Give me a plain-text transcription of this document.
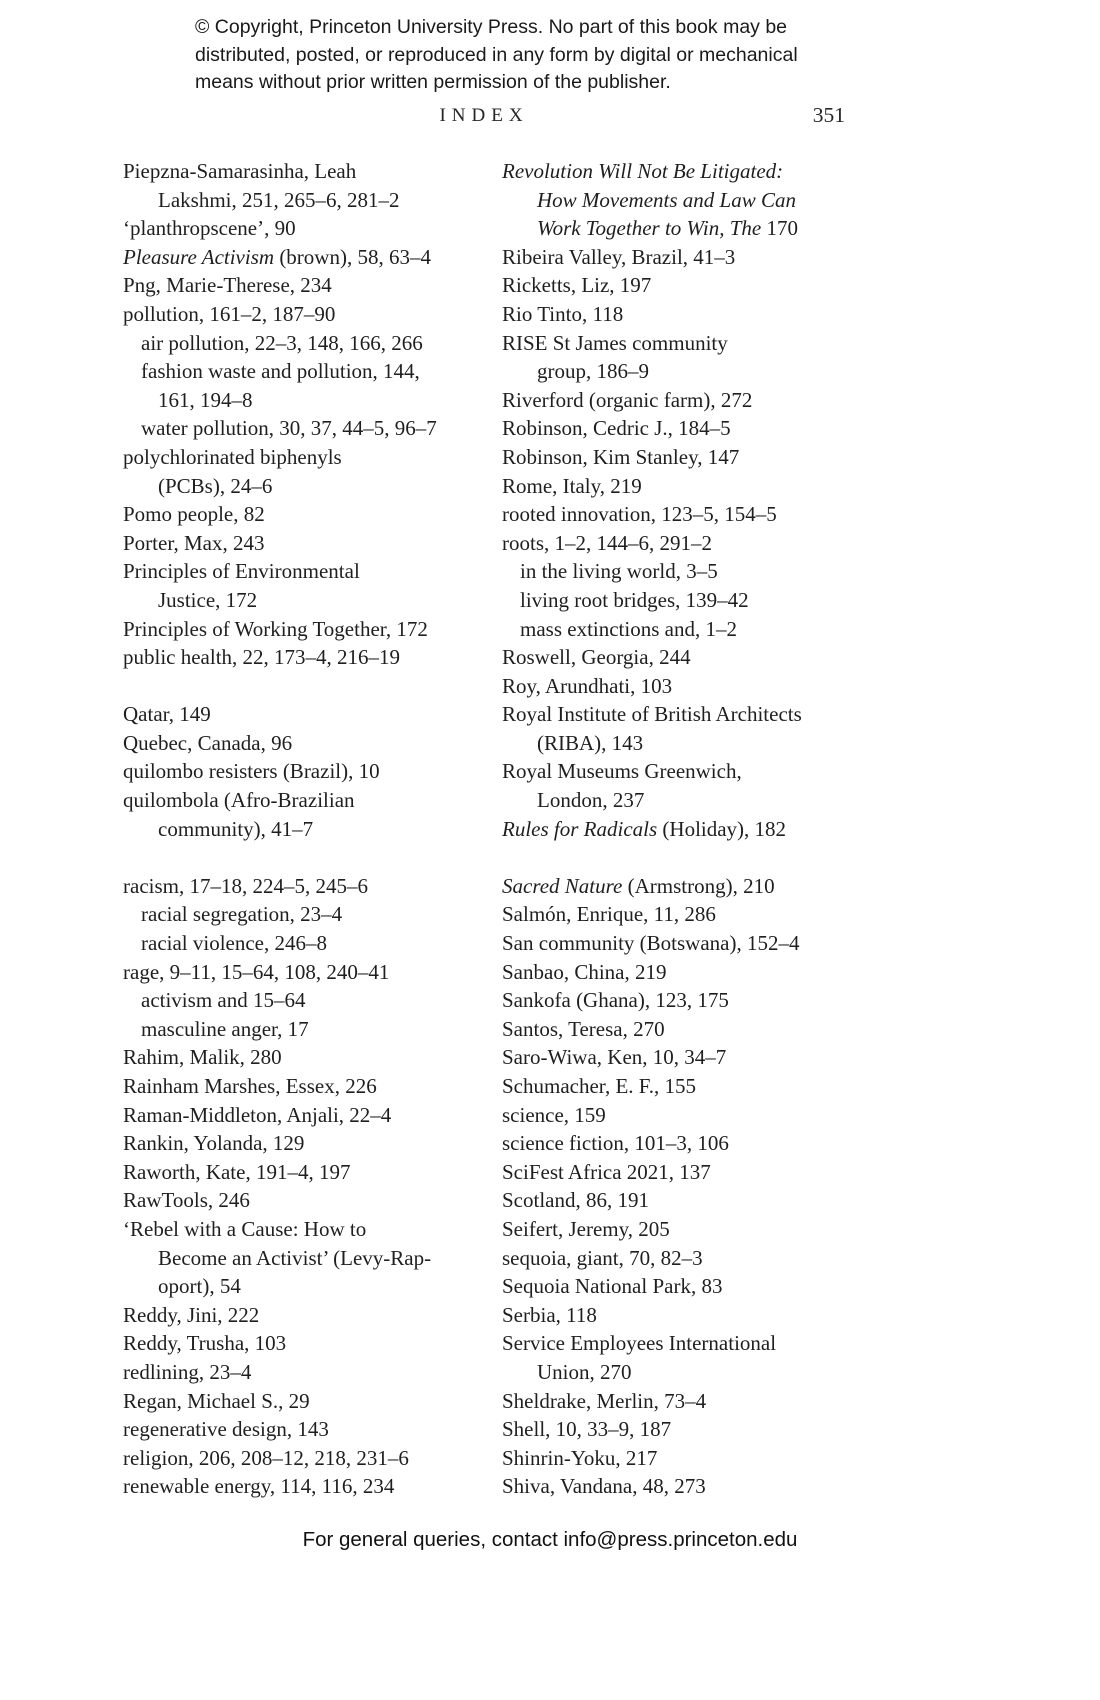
© Copyright, Princeton University Press. No part of this book may be
distributed, posted, or reproduced in any form by digital or mechanical
means without prior written permission of the publisher.
INDEX	351
Piepzna-Samarasinha, Leah
Lakshmi, 251, 265–6, 281–2
‘planthropscene’, 90
Pleasure Activism (brown), 58, 63–4
Png, Marie-Therese, 234
pollution, 161–2, 187–90
air pollution, 22–3, 148, 166, 266
fashion waste and pollution, 144,
161, 194–8
water pollution, 30, 37, 44–5, 96–7
polychlorinated biphenyls
(PCBs), 24–6
Pomo people, 82
Porter, Max, 243
Principles of Environmental
Justice, 172
Principles of Working Together, 172
public health, 22, 173–4, 216–19
Qatar, 149
Quebec, Canada, 96
quilombo resisters (Brazil), 10
quilombola (Afro-Brazilian
community), 41–7
racism, 17–18, 224–5, 245–6
racial segregation, 23–4
racial violence, 246–8
rage, 9–11, 15–64, 108, 240–41
activism and 15–64
masculine anger, 17
Rahim, Malik, 280
Rainham Marshes, Essex, 226
Raman-Middleton, Anjali, 22–4
Rankin, Yolanda, 129
Raworth, Kate, 191–4, 197
RawTools, 246
‘Rebel with a Cause: How to
Become an Activist’ (Levy-Rap-
oport), 54
Reddy, Jini, 222
Reddy, Trusha, 103
redlining, 23–4
Regan, Michael S., 29
regenerative design, 143
religion, 206, 208–12, 218, 231–6
renewable energy, 114, 116, 234
Revolution Will Not Be Litigated:
How Movements and Law Can
Work Together to Win, The 170
Ribeira Valley, Brazil, 41–3
Ricketts, Liz, 197
Rio Tinto, 118
RISE St James community
group, 186–9
Riverford (organic farm), 272
Robinson, Cedric J., 184–5
Robinson, Kim Stanley, 147
Rome, Italy, 219
rooted innovation, 123–5, 154–5
roots, 1–2, 144–6, 291–2
in the living world, 3–5
living root bridges, 139–42
mass extinctions and, 1–2
Roswell, Georgia, 244
Roy, Arundhati, 103
Royal Institute of British Architects
(RIBA), 143
Royal Museums Greenwich,
London, 237
Rules for Radicals (Holiday), 182
Sacred Nature (Armstrong), 210
Salmón, Enrique, 11, 286
San community (Botswana), 152–4
Sanbao, China, 219
Sankofa (Ghana), 123, 175
Santos, Teresa, 270
Saro-Wiwa, Ken, 10, 34–7
Schumacher, E. F., 155
science, 159
science fiction, 101–3, 106
SciFest Africa 2021, 137
Scotland, 86, 191
Seifert, Jeremy, 205
sequoia, giant, 70, 82–3
Sequoia National Park, 83
Serbia, 118
Service Employees International
Union, 270
Sheldrake, Merlin, 73–4
Shell, 10, 33–9, 187
Shinrin-Yoku, 217
Shiva, Vandana, 48, 273
For general queries, contact info@press.princeton.edu
